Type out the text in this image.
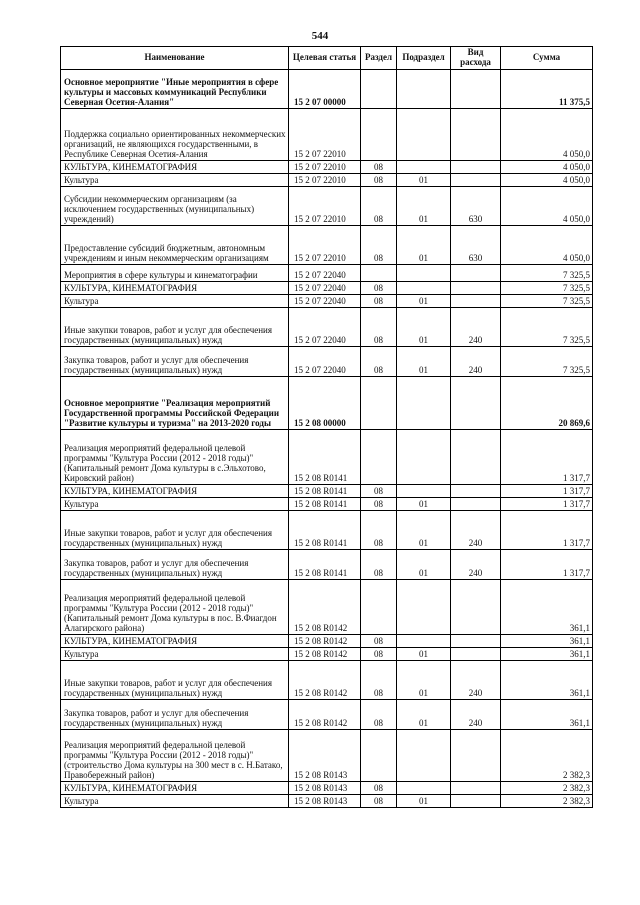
544
Наименование	Целевая статья	Раздел	Подраздел	Вид расхода	Сумма
Основное мероприятие "Иные мероприятия в сфере культуры и массовых коммуникаций Республики Северная Осетия-Алания"	15 2 07 00000				11 375,5
Поддержка социально ориентированных некоммерческих организаций, не являющихся государственными, в Республике Северная Осетия-Алания	15 2 07 22010				4 050,0
КУЛЬТУРА, КИНЕМАТОГРАФИЯ	15 2 07 22010	08			4 050,0
Культура	15 2 07 22010	08	01		4 050,0
Субсидии некоммерческим организациям (за исключением государственных (муниципальных) учреждений)	15 2 07 22010	08	01	630	4 050,0
Предоставление субсидий бюджетным, автономным учреждениям и иным некоммерческим организациям	15 2 07 22010	08	01	630	4 050,0
Мероприятия в сфере культуры и кинематографии	15 2 07 22040				7 325,5
КУЛЬТУРА, КИНЕМАТОГРАФИЯ	15 2 07 22040	08			7 325,5
Культура	15 2 07 22040	08	01		7 325,5
Иные закупки товаров, работ и услуг для обеспечения государственных (муниципальных) нужд	15 2 07 22040	08	01	240	7 325,5
Закупка товаров, работ и услуг для обеспечения государственных (муниципальных) нужд	15 2 07 22040	08	01	240	7 325,5
Основное мероприятие "Реализация мероприятий Государственной программы Российской Федерации "Развитие культуры и туризма" на 2013-2020 годы	15 2 08 00000				20 869,6
Реализация мероприятий федеральной целевой программы "Культура России (2012 - 2018 годы)" (Капитальный ремонт Дома культуры в с.Эльхотово, Кировский район)	15 2 08 R0141				1 317,7
КУЛЬТУРА, КИНЕМАТОГРАФИЯ	15 2 08 R0141	08			1 317,7
Культура	15 2 08 R0141	08	01		1 317,7
Иные закупки товаров, работ и услуг для обеспечения государственных (муниципальных) нужд	15 2 08 R0141	08	01	240	1 317,7
Закупка товаров, работ и услуг для обеспечения государственных (муниципальных) нужд	15 2 08 R0141	08	01	240	1 317,7
Реализация мероприятий федеральной целевой программы "Культура России (2012 - 2018 годы)" (Капитальный ремонт Дома культуры в пос. В.Фиагдон Алагирского района)	15 2 08 R0142				361,1
КУЛЬТУРА, КИНЕМАТОГРАФИЯ	15 2 08 R0142	08			361,1
Культура	15 2 08 R0142	08	01		361,1
Иные закупки товаров, работ и услуг для обеспечения государственных (муниципальных) нужд	15 2 08 R0142	08	01	240	361,1
Закупка товаров, работ и услуг для обеспечения государственных (муниципальных) нужд	15 2 08 R0142	08	01	240	361,1
Реализация мероприятий федеральной целевой программы "Культура России (2012 - 2018 годы)" (строительство Дома культуры на 300 мест в с. Н.Батако, Правобережный район)	15 2 08 R0143				2 382,3
КУЛЬТУРА, КИНЕМАТОГРАФИЯ	15 2 08 R0143	08			2 382,3
Культура	15 2 08 R0143	08	01		2 382,3
